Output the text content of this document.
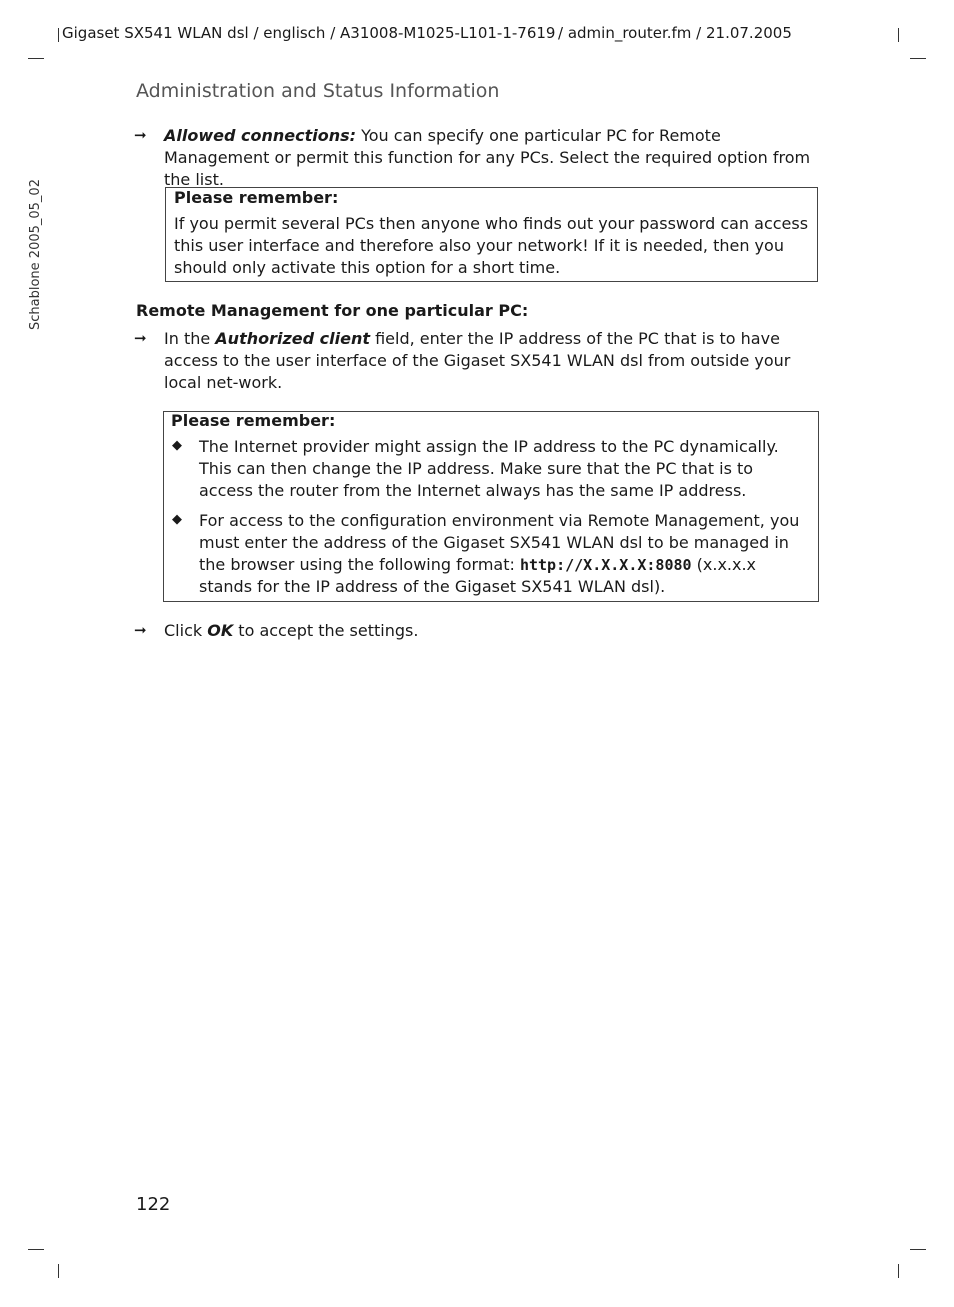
Gigaset SX541 WLAN dsl / englisch / A31008-M1025-L101-1-7619 / admin_router.fm / 21.07.2005
Schablone 2005_05_02
Administration and Status Information
➞ Allowed connections: You can specify one particular PC for Remote Management or permit this function for any PCs. Select the required option from the list.
Please remember:
If you permit several PCs then anyone who finds out your password can access this user interface and therefore also your network! If it is needed, then you should only activate this option for a short time.
Remote Management for one particular PC:
➞ In the Authorized client field, enter the IP address of the PC that is to have access to the user interface of the Gigaset SX541 WLAN dsl from outside your local net-work.
Please remember:
◆ The Internet provider might assign the IP address to the PC dynamically. This can then change the IP address. Make sure that the PC that is to access the router from the Internet always has the same IP address.
◆ For access to the configuration environment via Remote Management, you must enter the address of the Gigaset SX541 WLAN dsl to be managed in the browser using the following format: http://X.X.X.X:8080 (x.x.x.x stands for the IP address of the Gigaset SX541 WLAN dsl).
➞ Click OK to accept the settings.
122
